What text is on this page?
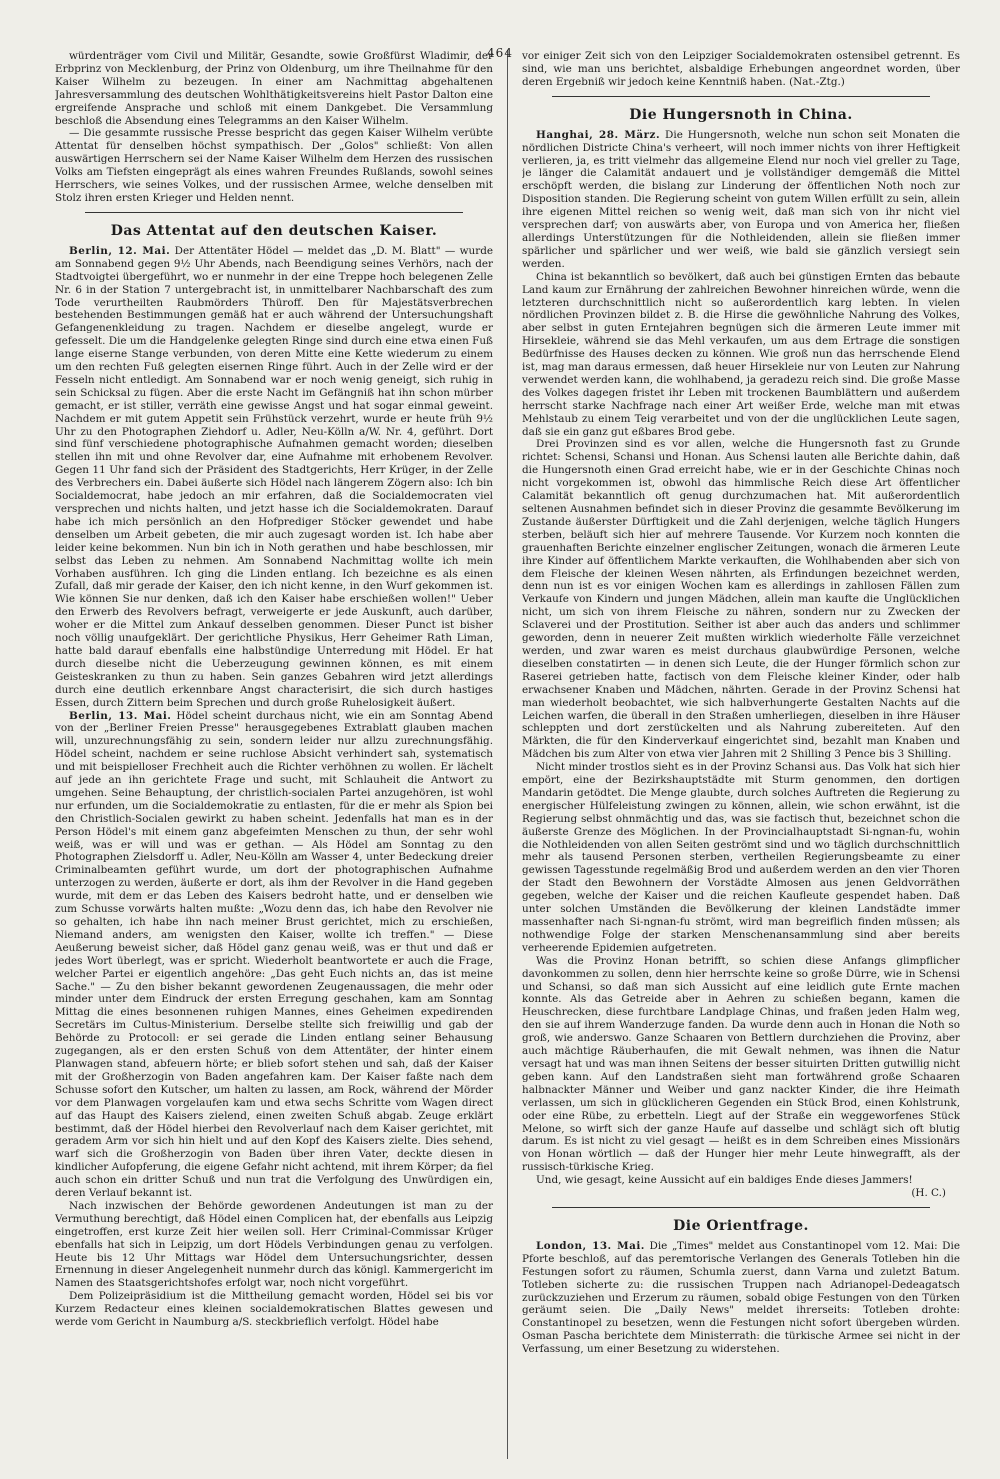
464

würdenträger vom Civil und Militär, Gesandte, sowie Großfürst Wladimir, der Erbprinz von Mecklenburg, der Prinz von Oldenburg, um ihre Theilnahme für den Kaiser Wilhelm zu bezeugen. In einer am Nachmittag abgehaltenen Jahresversammlung des deutschen Wohlthätigkeitsvereins hielt Pastor Dalton eine ergreifende Ansprache und schloß mit einem Dankgebet. Die Versammlung beschloß die Absendung eines Telegramms an den Kaiser Wilhelm.

— Die gesammte russische Presse bespricht das gegen Kaiser Wilhelm verübte Attentat für denselben höchst sympathisch. Der „Golos" schließt: Von allen auswärtigen Herrschern sei der Name Kaiser Wilhelm dem Herzen des russischen Volks am Tiefsten eingeprägt als eines wahren Freundes Rußlands, sowohl seines Herrschers, wie seines Volkes, und der russischen Armee, welche denselben mit Stolz ihren ersten Krieger und Helden nennt.

Das Attentat auf den deutschen Kaiser.

Berlin, 12. Mai. Der Attentäter Hödel — meldet das „D. M. Blatt" — wurde am Sonnabend gegen 9½ Uhr Abends, nach Beendigung seines Verhörs, nach der Stadtvoigtei übergeführt, wo er nunmehr in der eine Treppe hoch belegenen Zelle Nr. 6 in der Station 7 untergebracht ist, in unmittelbarer Nachbarschaft des zum Tode verurtheilten Raubmörders Thüroff. Den für Majestätsverbrechen bestehenden Bestimmungen gemäß hat er auch während der Untersuchungshaft Gefangenenkleidung zu tragen. Nachdem er dieselbe angelegt, wurde er gefesselt. Die um die Handgelenke gelegten Ringe sind durch eine etwa einen Fuß lange eiserne Stange verbunden, von deren Mitte eine Kette wiederum zu einem um den rechten Fuß gelegten eisernen Ringe führt. Auch in der Zelle wird er der Fesseln nicht entledigt. Am Sonnabend war er noch wenig geneigt, sich ruhig in sein Schicksal zu fügen. Aber die erste Nacht im Gefängniß hat ihn schon mürber gemacht, er ist stiller, verräth eine gewisse Angst und hat sogar einmal geweint. Nachdem er mit gutem Appetit sein Frühstück verzehrt, wurde er heute früh 9½ Uhr zu den Photographen Ziehdorf u. Adler, Neu-Kölln a/W. Nr. 4, geführt. Dort sind fünf verschiedene photographische Aufnahmen gemacht worden; dieselben stellen ihn mit und ohne Revolver dar, eine Aufnahme mit erhobenem Revolver. Gegen 11 Uhr fand sich der Präsident des Stadtgerichts, Herr Krüger, in der Zelle des Verbrechers ein. Dabei äußerte sich Hödel nach längerem Zögern also: Ich bin Socialdemocrat, habe jedoch an mir erfahren, daß die Socialdemocraten viel versprechen und nichts halten, und jetzt hasse ich die Socialdemokraten. Darauf habe ich mich persönlich an den Hofprediger Stöcker gewendet und habe denselben um Arbeit gebeten, die mir auch zugesagt worden ist. Ich habe aber leider keine bekommen. Nun bin ich in Noth gerathen und habe beschlossen, mir selbst das Leben zu nehmen. Am Sonnabend Nachmittag wollte ich mein Vorhaben ausführen. Ich ging die Linden entlang. Ich bezeichne es als einen Zufall, daß mir gerade der Kaiser, den ich nicht kenne, in den Wurf gekommen ist. Wie können Sie nur denken, daß ich den Kaiser habe erschießen wollen!" Ueber den Erwerb des Revolvers befragt, verweigerte er jede Auskunft, auch darüber, woher er die Mittel zum Ankauf desselben genommen. Dieser Punct ist bisher noch völlig unaufgeklärt. Der gerichtliche Physikus, Herr Geheimer Rath Liman, hatte bald darauf ebenfalls eine halbstündige Unterredung mit Hödel. Er hat durch dieselbe nicht die Ueberzeugung gewinnen können, es mit einem Geisteskranken zu thun zu haben. Sein ganzes Gebahren wird jetzt allerdings durch eine deutlich erkennbare Angst characterisirt, die sich durch hastiges Essen, durch Zittern beim Sprechen und durch große Ruhelosigkeit äußert.

Berlin, 13. Mai. Hödel scheint durchaus nicht, wie ein am Sonntag Abend von der „Berliner Freien Presse" herausgegebenes Extrablatt glauben machen will, unzurechnungsfähig zu sein, sondern leider nur allzu zurechnungsfähig. Hödel scheint, nachdem er seine ruchlose Absicht verhindert sah, systematisch und mit beispielloser Frechheit auch die Richter verhöhnen zu wollen. Er lächelt auf jede an ihn gerichtete Frage und sucht, mit Schlauheit die Antwort zu umgehen. Seine Behauptung, der christlich-socialen Partei anzugehören, ist wohl nur erfunden, um die Socialdemokratie zu entlasten, für die er mehr als Spion bei den Christlich-Socialen gewirkt zu haben scheint. Jedenfalls hat man es in der Person Hödel's mit einem ganz abgefeimten Menschen zu thun, der sehr wohl weiß, was er will und was er gethan. — Als Hödel am Sonntag zu den Photographen Zielsdorff u. Adler, Neu-Kölln am Wasser 4, unter Bedeckung dreier Criminalbeamten geführt wurde, um dort der photographischen Aufnahme unterzogen zu werden, äußerte er dort, als ihm der Revolver in die Hand gegeben wurde, mit dem er das Leben des Kaisers bedroht hatte, und er denselben wie zum Schusse vorwärts halten mußte: „Wozu denn das, ich habe den Revolver nie so gehalten, ich habe ihn nach meiner Brust gerichtet, mich zu erschießen, Niemand anders, am wenigsten den Kaiser, wollte ich treffen." — Diese Aeußerung beweist sicher, daß Hödel ganz genau weiß, was er thut und daß er jedes Wort überlegt, was er spricht. Wiederholt beantwortete er auch die Frage, welcher Partei er eigentlich angehöre: „Das geht Euch nichts an, das ist meine Sache." — Zu den bisher bekannt gewordenen Zeugenaussagen, die mehr oder minder unter dem Eindruck der ersten Erregung geschahen, kam am Sonntag Mittag die eines besonnenen ruhigen Mannes, eines Geheimen expedirenden Secretärs im Cultus-Ministerium. Derselbe stellte sich freiwillig und gab der Behörde zu Protocoll: er sei gerade die Linden entlang seiner Behausung zugegangen, als er den ersten Schuß von dem Attentäter, der hinter einem Planwagen stand, abfeuern hörte; er blieb sofort stehen und sah, daß der Kaiser mit der Großherzogin von Baden angefahren kam. Der Kaiser faßte nach dem Schusse sofort den Kutscher, um halten zu lassen, am Rock, während der Mörder vor dem Planwagen vorgelaufen kam und etwa sechs Schritte vom Wagen direct auf das Haupt des Kaisers zielend, einen zweiten Schuß abgab. Zeuge erklärt bestimmt, daß der Hödel hierbei den Revolverlauf nach dem Kaiser gerichtet, mit geradem Arm vor sich hin hielt und auf den Kopf des Kaisers zielte. Dies sehend, warf sich die Großherzogin von Baden über ihren Vater, deckte diesen in kindlicher Aufopferung, die eigene Gefahr nicht achtend, mit ihrem Körper; da fiel auch schon ein dritter Schuß und nun trat die Verfolgung des Unwürdigen ein, deren Verlauf bekannt ist.

Nach inzwischen der Behörde gewordenen Andeutungen ist man zu der Vermuthung berechtigt, daß Hödel einen Complicen hat, der ebenfalls aus Leipzig eingetroffen, erst kurze Zeit hier weilen soll. Herr Criminal-Commissar Krüger ebenfalls hat sich in Leipzig, um dort Hödels Verbindungen genau zu verfolgen. Heute bis 12 Uhr Mittags war Hödel dem Untersuchungsrichter, dessen Ernennung in dieser Angelegenheit nunmehr durch das königl. Kammergericht im Namen des Staatsgerichtshofes erfolgt war, noch nicht vorgeführt.

Dem Polizeipräsidium ist die Mittheilung gemacht worden, Hödel sei bis vor Kurzem Redacteur eines kleinen socialdemokratischen Blattes gewesen und werde vom Gericht in Naumburg a/S. steckbrieflich verfolgt. Hödel habe

vor einiger Zeit sich von den Leipziger Socialdemokraten ostensibel getrennt. Es sind, wie man uns berichtet, alsbaldige Erhebungen angeordnet worden, über deren Ergebniß wir jedoch keine Kenntniß haben. (Nat.-Ztg.)

Die Hungersnoth in China.

Hanghai, 28. März. Die Hungersnoth, welche nun schon seit Monaten die nördlichen Districte China's verheert, will noch immer nichts von ihrer Heftigkeit verlieren, ja, es tritt vielmehr das allgemeine Elend nur noch viel greller zu Tage, je länger die Calamität andauert und je vollständiger demgemäß die Mittel erschöpft werden, die bislang zur Linderung der öffentlichen Noth noch zur Disposition standen. Die Regierung scheint von gutem Willen erfüllt zu sein, allein ihre eigenen Mittel reichen so wenig weit, daß man sich von ihr nicht viel versprechen darf; von auswärts aber, von Europa und von America her, fließen allerdings Unterstützungen für die Nothleidenden, allein sie fließen immer spärlicher und spärlicher und wer weiß, wie bald sie gänzlich versiegt sein werden.

China ist bekanntlich so bevölkert, daß auch bei günstigen Ernten das bebaute Land kaum zur Ernährung der zahlreichen Bewohner hinreichen würde, wenn die letzteren durchschnittlich nicht so außerordentlich karg lebten. In vielen nördlichen Provinzen bildet z. B. die Hirse die gewöhnliche Nahrung des Volkes, aber selbst in guten Erntejahren begnügen sich die ärmeren Leute immer mit Hirsekleie, während sie das Mehl verkaufen, um aus dem Ertrage die sonstigen Bedürfnisse des Hauses decken zu können. Wie groß nun das herrschende Elend ist, mag man daraus ermessen, daß heuer Hirsekleie nur von Leuten zur Nahrung verwendet werden kann, die wohlhabend, ja geradezu reich sind. Die große Masse des Volkes dagegen fristet ihr Leben mit trockenen Baumblättern und außerdem herrscht starke Nachfrage nach einer Art weißer Erde, welche man mit etwas Mehlstaub zu einem Teig verarbeitet und von der die unglücklichen Leute sagen, daß sie ein ganz gut eßbares Brod gebe.

Drei Provinzen sind es vor allen, welche die Hungersnoth fast zu Grunde richtet: Schensi, Schansi und Honan. Aus Schensi lauten alle Berichte dahin, daß die Hungersnoth einen Grad erreicht habe, wie er in der Geschichte Chinas noch nicht vorgekommen ist, obwohl das himmlische Reich diese Art öffentlicher Calamität bekanntlich oft genug durchzumachen hat. Mit außerordentlich seltenen Ausnahmen befindet sich in dieser Provinz die gesammte Bevölkerung im Zustande äußerster Dürftigkeit und die Zahl derjenigen, welche täglich Hungers sterben, beläuft sich hier auf mehrere Tausende. Vor Kurzem noch konnten die grauenhaften Berichte einzelner englischer Zeitungen, wonach die ärmeren Leute ihre Kinder auf öffentlichem Markte verkauften, die Wohlhabenden aber sich von dem Fleische der kleinen Wesen nährten, als Erfindungen bezeichnet werden, denn nun ist es vor einigen Wochen kam es allerdings in zahllosen Fällen zum Verkaufe von Kindern und jungen Mädchen, allein man kaufte die Unglücklichen nicht, um sich von ihrem Fleische zu nähren, sondern nur zu Zwecken der Sclaverei und der Prostitution. Seither ist aber auch das anders und schlimmer geworden, denn in neuerer Zeit mußten wirklich wiederholte Fälle verzeichnet werden, und zwar waren es meist durchaus glaubwürdige Personen, welche dieselben constatirten — in denen sich Leute, die der Hunger förmlich schon zur Raserei getrieben hatte, factisch von dem Fleische kleiner Kinder, oder halb erwachsener Knaben und Mädchen, nährten. Gerade in der Provinz Schensi hat man wiederholt beobachtet, wie sich halbverhungerte Gestalten Nachts auf die Leichen warfen, die überall in den Straßen umherliegen, dieselben in ihre Häuser schleppten und dort zerstückelten und als Nahrung zubereiteten. Auf den Märkten, die für den Kinderverkauf eingerichtet sind, bezahlt man Knaben und Mädchen bis zum Alter von etwa vier Jahren mit 2 Shilling 3 Pence bis 3 Shilling.

Nicht minder trostlos sieht es in der Provinz Schansi aus. Das Volk hat sich hier empört, eine der Bezirkshauptstädte mit Sturm genommen, den dortigen Mandarin getödtet. Die Menge glaubte, durch solches Auftreten die Regierung zu energischer Hülfeleistung zwingen zu können, allein, wie schon erwähnt, ist die Regierung selbst ohnmächtig und das, was sie factisch thut, bezeichnet schon die äußerste Grenze des Möglichen. In der Provincialhauptstadt Si-ngnan-fu, wohin die Nothleidenden von allen Seiten geströmt sind und wo täglich durchschnittlich mehr als tausend Personen sterben, vertheilen Regierungsbeamte zu einer gewissen Tagesstunde regelmäßig Brod und außerdem werden an den vier Thoren der Stadt den Bewohnern der Vorstädte Almosen aus jenen Geldvorräthen gegeben, welche der Kaiser und die reichen Kaufleute gespendet haben. Daß unter solchen Umständen die Bevölkerung der kleinen Landstädte immer massenhafter nach Si-ngnan-fu strömt, wird man begreiflich finden müssen; als nothwendige Folge der starken Menschenansammlung sind aber bereits verheerende Epidemien aufgetreten.

Was die Provinz Honan betrifft, so schien diese Anfangs glimpflicher davonkommen zu sollen, denn hier herrschte keine so große Dürre, wie in Schensi und Schansi, so daß man sich Aussicht auf eine leidlich gute Ernte machen konnte. Als das Getreide aber in Aehren zu schießen begann, kamen die Heuschrecken, diese furchtbare Landplage Chinas, und fraßen jeden Halm weg, den sie auf ihrem Wanderzuge fanden. Da wurde denn auch in Honan die Noth so groß, wie anderswo. Ganze Schaaren von Bettlern durchziehen die Provinz, aber auch mächtige Räuberhaufen, die mit Gewalt nehmen, was ihnen die Natur versagt hat und was man ihnen Seitens der besser situirten Dritten gutwillig nicht geben kann. Auf den Landstraßen sieht man fortwährend große Schaaren halbnackter Männer und Weiber und ganz nackter Kinder, die ihre Heimath verlassen, um sich in glücklicheren Gegenden ein Stück Brod, einen Kohlstrunk, oder eine Rübe, zu erbetteln. Liegt auf der Straße ein weggeworfenes Stück Melone, so wirft sich der ganze Haufe auf dasselbe und schlägt sich oft blutig darum. Es ist nicht zu viel gesagt — heißt es in dem Schreiben eines Missionärs von Honan wörtlich — daß der Hunger hier mehr Leute hinwegrafft, als der russisch-türkische Krieg.

Und, wie gesagt, keine Aussicht auf ein baldiges Ende dieses Jammers!

(H. C.)
Die Orientfrage.

London, 13. Mai. Die „Times" meldet aus Constantinopel vom 12. Mai: Die Pforte beschloß, auf das peremtorische Verlangen des Generals Totleben hin die Festungen sofort zu räumen, Schumla zuerst, dann Varna und zuletzt Batum. Totleben sicherte zu: die russischen Truppen nach Adrianopel-Dedeagatsch zurückzuziehen und Erzerum zu räumen, sobald obige Festungen von den Türken geräumt seien. Die „Daily News" meldet ihrerseits: Totleben drohte: Constantinopel zu besetzen, wenn die Festungen nicht sofort übergeben würden. Osman Pascha berichtete dem Ministerrath: die türkische Armee sei nicht in der Verfassung, um einer Besetzung zu widerstehen.
